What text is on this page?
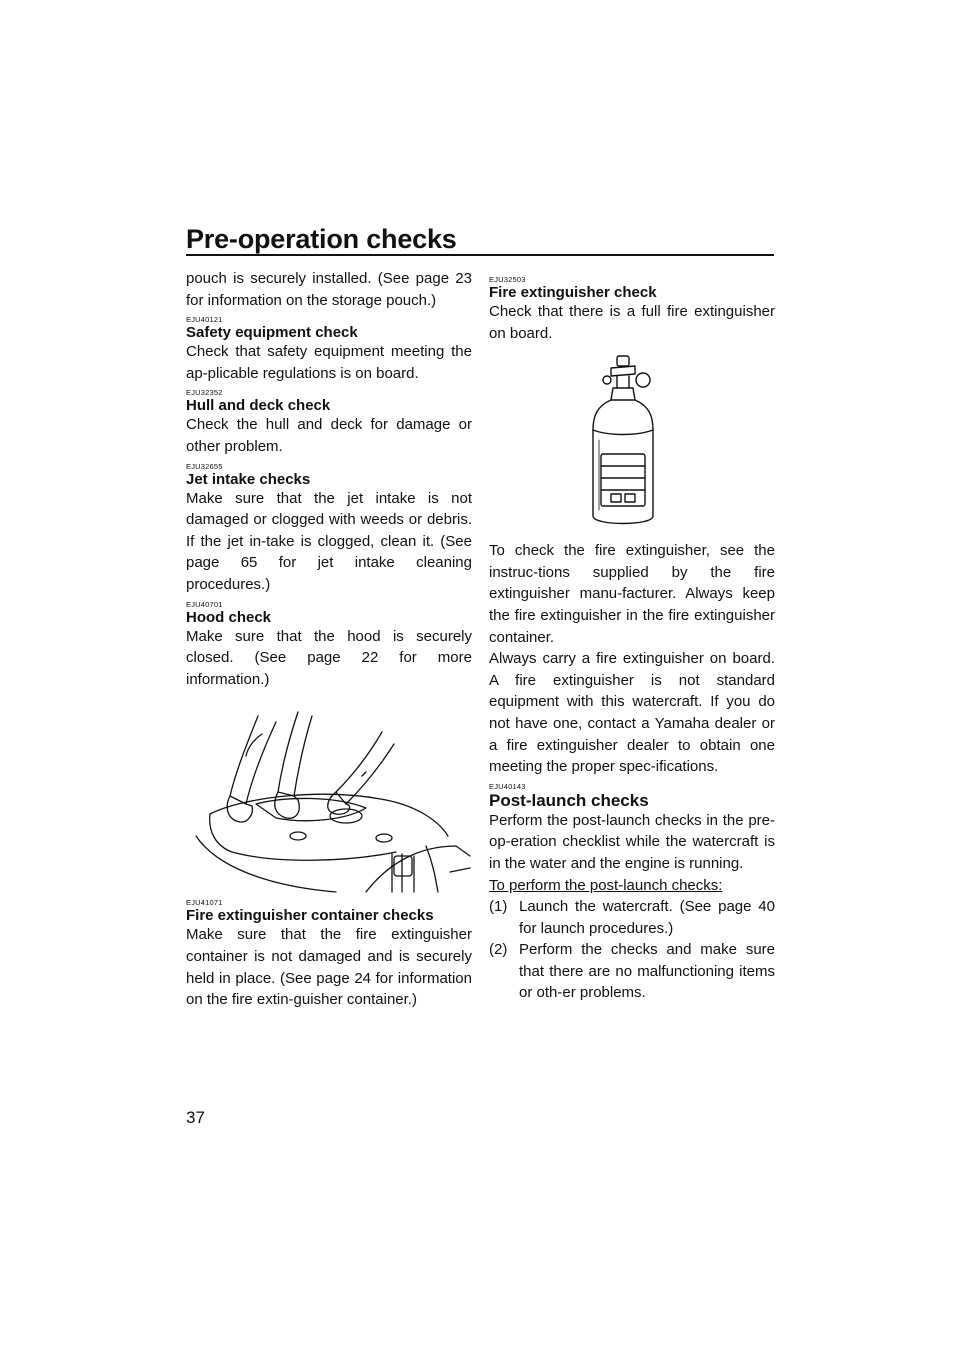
Pre-operation checks

pouch is securely installed. (See page 23 for information on the storage pouch.)

EJU40121
Safety equipment check

Check that safety equipment meeting the ap-plicable regulations is on board.

EJU32352
Hull and deck check

Check the hull and deck for damage or other problem.

EJU32655
Jet intake checks

Make sure that the jet intake is not damaged or clogged with weeds or debris. If the jet in-take is clogged, clean it. (See page 65 for jet intake cleaning procedures.)

EJU40701
Hood check

Make sure that the hood is securely closed. (See page 22 for more information.)

EJU41071
Fire extinguisher container checks

Make sure that the fire extinguisher container is not damaged and is securely held in place. (See page 24 for information on the fire extin-guisher container.)

EJU32503
Fire extinguisher check

Check that there is a full fire extinguisher on board.

To check the fire extinguisher, see the instruc-tions supplied by the fire extinguisher manu-facturer. Always keep the fire extinguisher in the fire extinguisher container.

Always carry a fire extinguisher on board. A fire extinguisher is not standard equipment with this watercraft. If you do not have one, contact a Yamaha dealer or a fire extinguisher dealer to obtain one meeting the proper spec-ifications.

EJU40143
Post-launch checks

Perform the post-launch checks in the pre-op-eration checklist while the watercraft is in the water and the engine is running.

To perform the post-launch checks:

(1) Launch the watercraft. (See page 40 for launch procedures.)
(2) Perform the checks and make sure that there are no malfunctioning items or oth-er problems.
37
